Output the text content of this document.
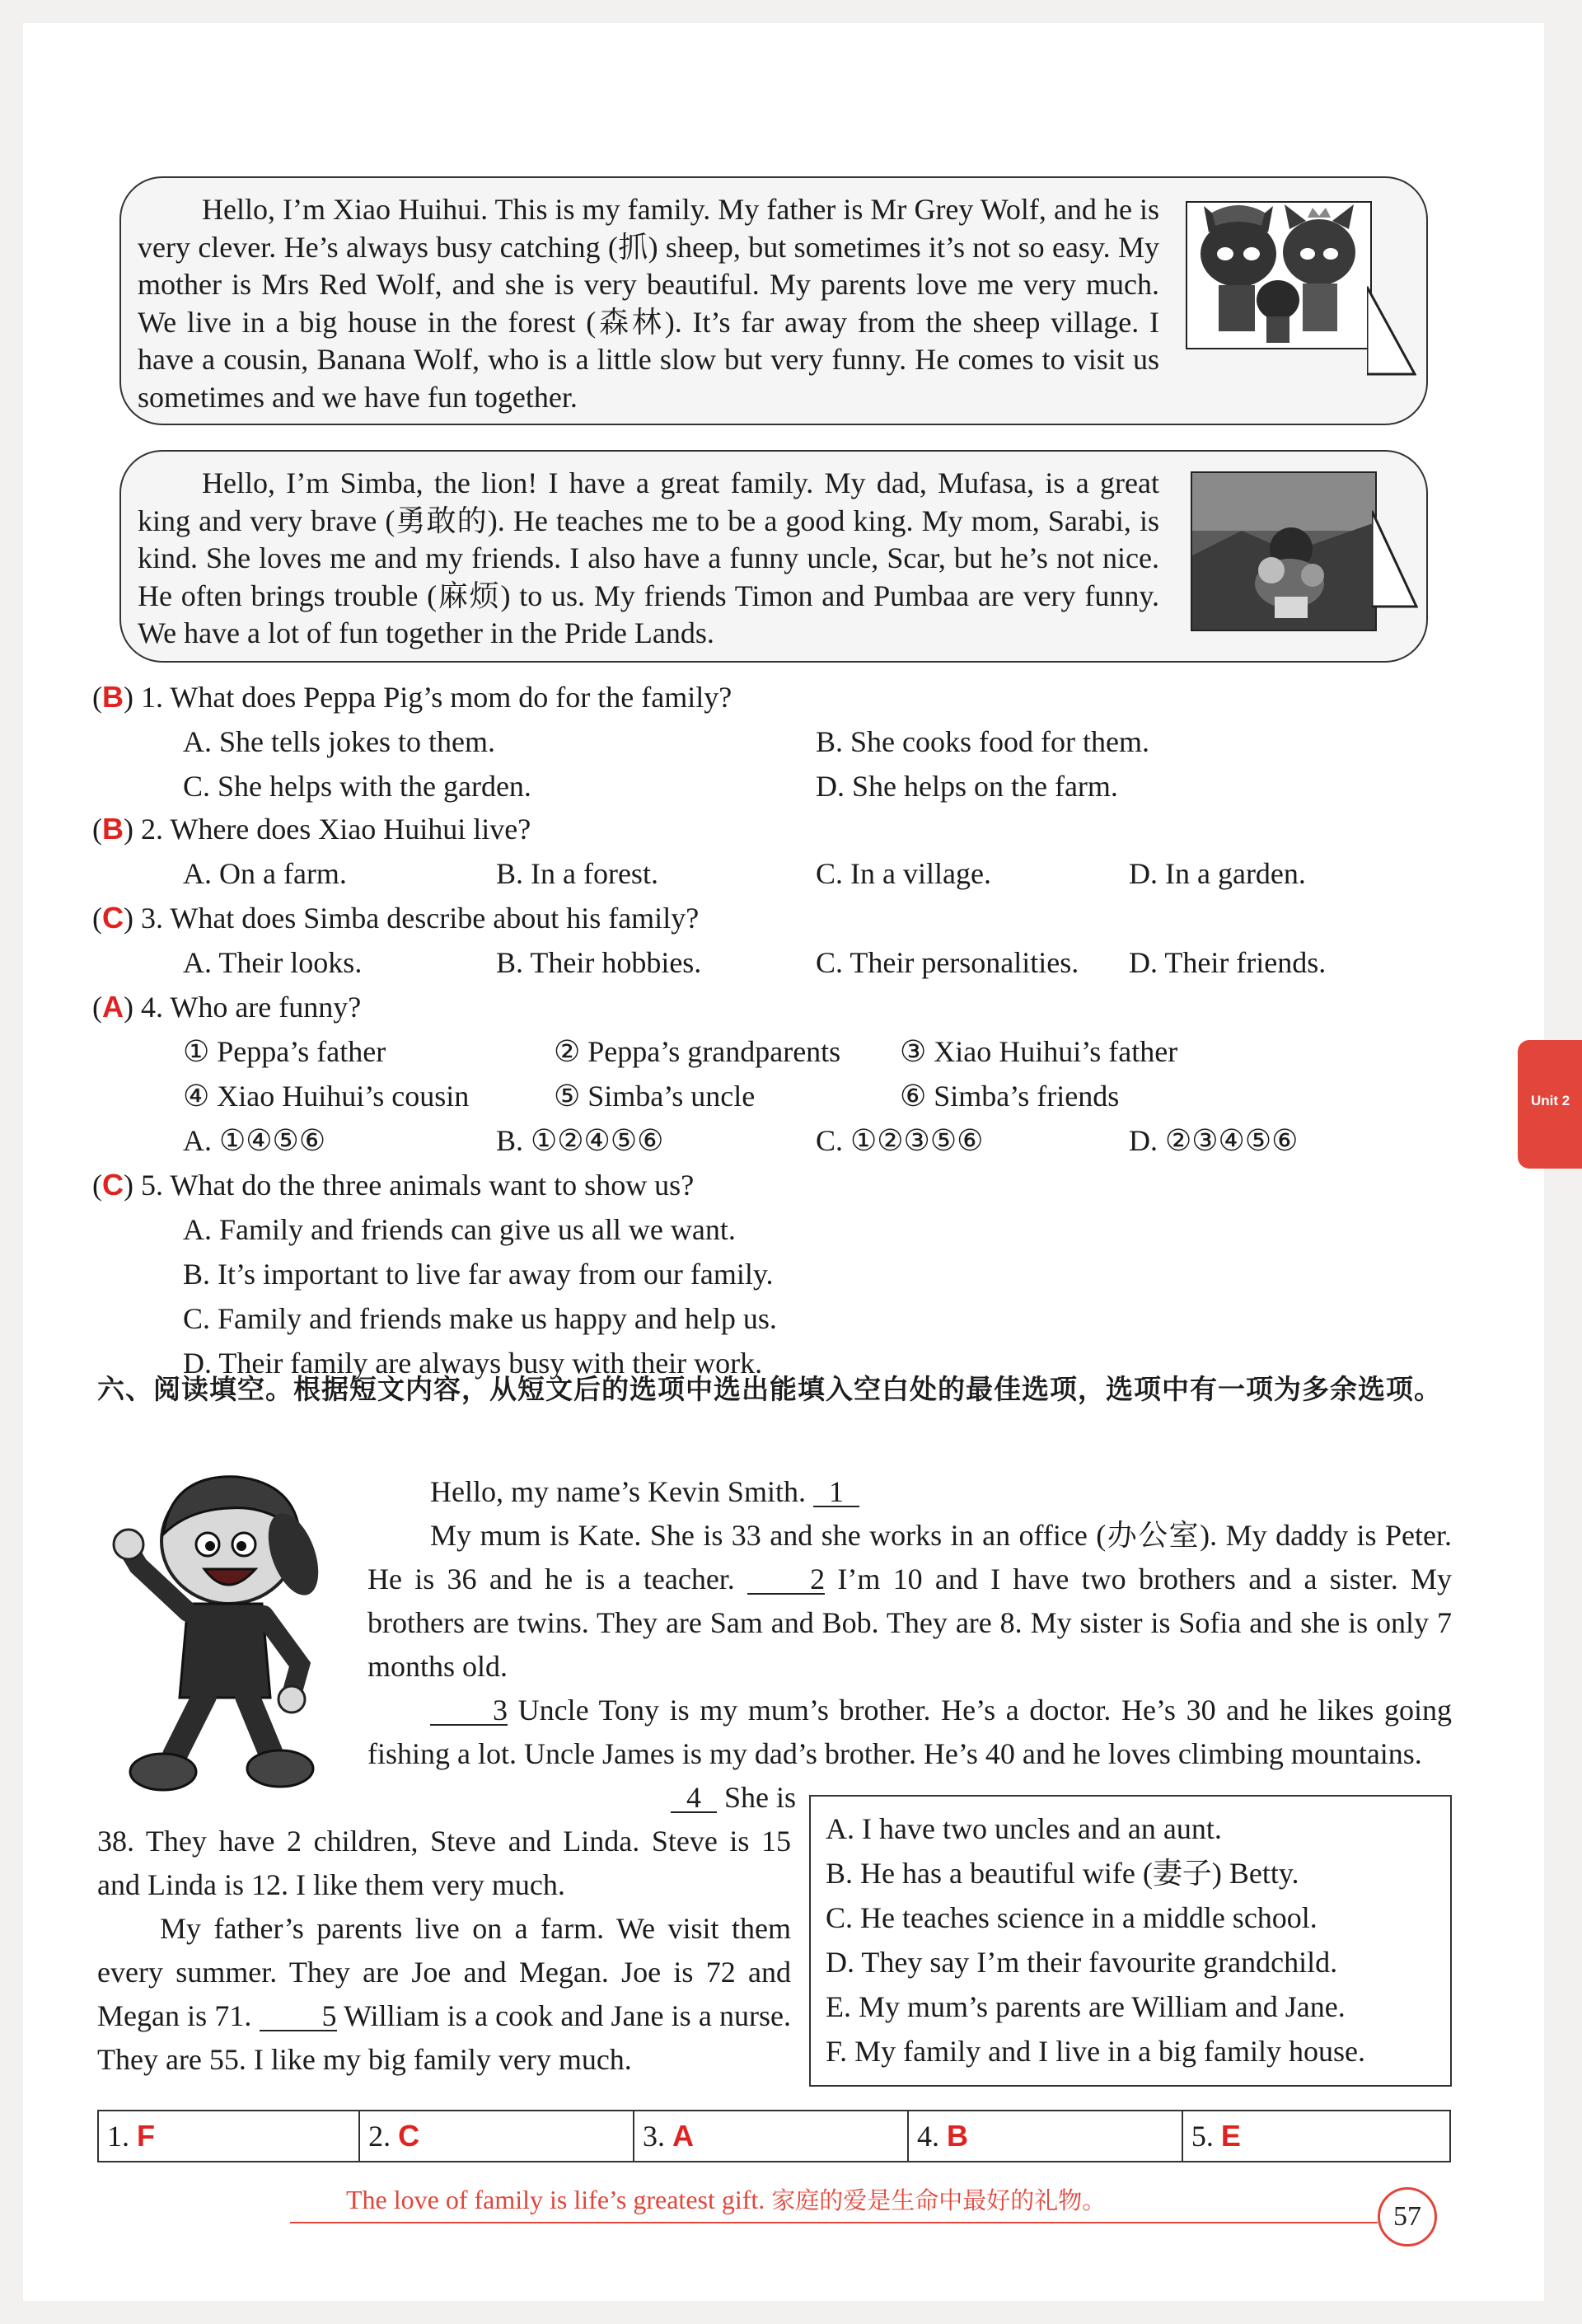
Hello, I’m Xiao Huihui. This is my family. My father is Mr Grey Wolf, and he is very clever. He’s always busy catching (抓) sheep, but sometimes it’s not so easy. My mother is Mrs Red Wolf, and she is very beautiful. My parents love me very much. We live in a big house in the forest (森林). It’s far away from the sheep village. I have a cousin, Banana Wolf, who is a little slow but very funny. He comes to visit us sometimes and we have fun together.

Hello, I’m Simba, the lion! I have a great family. My dad, Mufasa, is a great king and very brave (勇敢的). He teaches me to be a good king. My mom, Sarabi, is kind. She loves me and my friends. I also have a funny uncle, Scar, but he’s not nice. He often brings trouble (麻烦) to us. My friends Timon and Pumbaa are very funny. We have a lot of fun together in the Pride Lands.

(B) 1. What does Peppa Pig’s mom do for the family?
A. She tells jokes to them.	B. She cooks food for them.
C. She helps with the garden.	D. She helps on the farm.
(B) 2. Where does Xiao Huihui live?
A. On a farm.	B. In a forest.	C. In a village.	D. In a garden.
(C) 3. What does Simba describe about his family?
A. Their looks.	B. Their hobbies.	C. Their personalities. D. Their friends.
(A) 4. Who are funny?
① Peppa’s father	② Peppa’s grandparents ③ Xiao Huihui’s father
④ Xiao Huihui’s cousin	⑤ Simba’s uncle	⑥ Simba’s friends
A. ①④⑤⑥	B. ①②④⑤⑥	C. ①②③⑤⑥	D. ②③④⑤⑥
(C) 5. What do the three animals want to show us?
A. Family and friends can give us all we want.
B. It’s important to live far away from our family.
C. Family and friends make us happy and help us.
D. Their family are always busy with their work.
Unit 2
六、阅读填空。根据短文内容，从短文后的选项中选出能填入空白处的最佳选项，选项中有一项为多余选项。
Hello, my name’s Kevin Smith. 1
My mum is Kate. She is 33 and she works in an office (办公室). My daddy is Peter. He is 36 and he is a teacher.	2 I’m 10 and I have two brothers and a sister. My brothers are twins. They are Sam and Bob. They are 8. My sister is Sofia and she is only 7 months old.
3 Uncle Tony is my mum’s brother. He’s a doctor. He’s 30 and he likes going fishing a lot. Uncle James is my dad’s brother. He’s 40 and he loves climbing mountains.
4 She is
38. They have 2 children, Steve and Linda. Steve is 15 and Linda is 12. I like them very much.
My father’s parents live on a farm. We visit them every summer. They are Joe and Megan. Joe is 72 and Megan is 71. 5 William is a cook and Jane is a nurse. They are 55. I like my big family very much.
A. I have two uncles and an aunt.
B. He has a beautiful wife (妻子) Betty.
C. He teaches science in a middle school.
D. They say I’m their favourite grandchild.
E. My mum’s parents are William and Jane.
F. My family and I live in a big family house.
1. F	2. C	3. A	4. B	5. E
The love of family is life’s greatest gift. 家庭的爱是生命中最好的礼物。
57
